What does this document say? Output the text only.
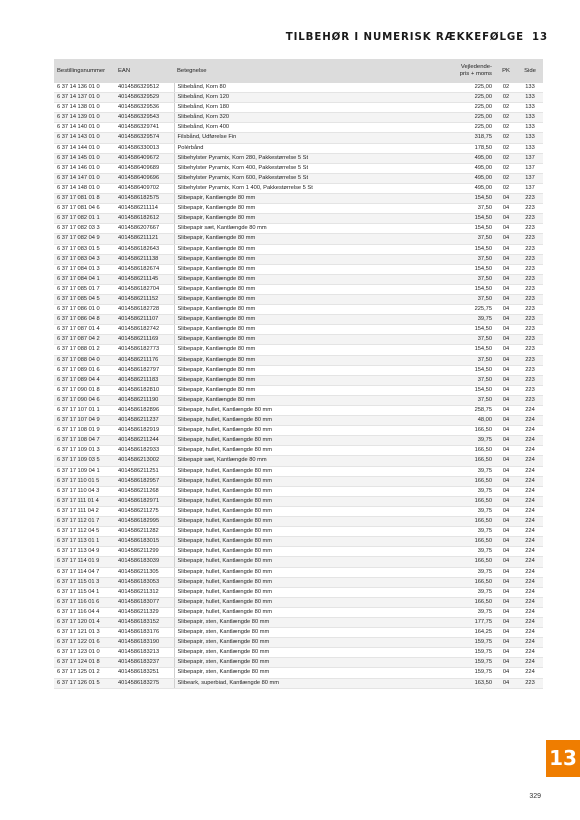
TILBEHØR I NUMERISK RÆKKEFØLGE 13
Bestillingsnummer	EAN	Betegnelse	Vejledende-
pris + moms	PK	Side
6 37 14 136 01 0	4014586329512	Slibebånd, Korn 80	225,00	02	133
6 37 14 137 01 0	4014586329529	Slibebånd, Korn 120	225,00	02	133
6 37 14 138 01 0	4014586329536	Slibebånd, Korn 180	225,00	02	133
6 37 14 139 01 0	4014586329543	Slibebånd, Korn 320	225,00	02	133
6 37 14 140 01 0	4014586329741	Slibebånd, Korn 400	225,00	02	133
6 37 14 143 01 0	4014586329574	Filsbånd, Udførelse Fin	318,75	02	133
6 37 14 144 01 0	4014586330013	Polérbånd	178,50	02	133
6 37 14 145 01 0	4014586409672	Slibehylster Pyramix, Korn 280, Pakkestørrelse 5 St	495,00	02	137
6 37 14 146 01 0	4014586409689	Slibehylster Pyramix, Korn 400, Pakkestørrelse 5 St	495,00	02	137
6 37 14 147 01 0	4014586409696	Slibehylster Pyramix, Korn 600, Pakkestørrelse 5 St	495,00	02	137
6 37 14 148 01 0	4014586409702	Slibehylster Pyramix, Korn 1 400, Pakkestørrelse 5 St	495,00	02	137
6 37 17 081 01 8	4014586182575	Slibepapir, Kantlængde 80 mm	154,50	04	223
6 37 17 081 04 6	4014586211114	Slibepapir, Kantlængde 80 mm	37,50	04	223
6 37 17 082 01 1	4014586182612	Slibepapir, Kantlængde 80 mm	154,50	04	223
6 37 17 082 03 3	4014586207667	Slibepapir sæt, Kantlængde 80 mm	154,50	04	223
6 37 17 082 04 9	4014586211121	Slibepapir, Kantlængde 80 mm	37,50	04	223
6 37 17 083 01 5	4014586182643	Slibepapir, Kantlængde 80 mm	154,50	04	223
6 37 17 083 04 3	4014586211138	Slibepapir, Kantlængde 80 mm	37,50	04	223
6 37 17 084 01 3	4014586182674	Slibepapir, Kantlængde 80 mm	154,50	04	223
6 37 17 084 04 1	4014586211145	Slibepapir, Kantlængde 80 mm	37,50	04	223
6 37 17 085 01 7	4014586182704	Slibepapir, Kantlængde 80 mm	154,50	04	223
6 37 17 085 04 5	4014586211152	Slibepapir, Kantlængde 80 mm	37,50	04	223
6 37 17 086 01 0	4014586182728	Slibepapir, Kantlængde 80 mm	225,75	04	223
6 37 17 086 04 8	4014586211107	Slibepapir, Kantlængde 80 mm	39,75	04	223
6 37 17 087 01 4	4014586182742	Slibepapir, Kantlængde 80 mm	154,50	04	223
6 37 17 087 04 2	4014586211169	Slibepapir, Kantlængde 80 mm	37,50	04	223
6 37 17 088 01 2	4014586182773	Slibepapir, Kantlængde 80 mm	154,50	04	223
6 37 17 088 04 0	4014586211176	Slibepapir, Kantlængde 80 mm	37,50	04	223
6 37 17 089 01 6	4014586182797	Slibepapir, Kantlængde 80 mm	154,50	04	223
6 37 17 089 04 4	4014586211183	Slibepapir, Kantlængde 80 mm	37,50	04	223
6 37 17 090 01 8	4014586182810	Slibepapir, Kantlængde 80 mm	154,50	04	223
6 37 17 090 04 6	4014586211190	Slibepapir, Kantlængde 80 mm	37,50	04	223
6 37 17 107 01 1	4014586182896	Slibepapir, hullet, Kantlængde 80 mm	258,75	04	224
6 37 17 107 04 9	4014586211237	Slibepapir, hullet, Kantlængde 80 mm	48,00	04	224
6 37 17 108 01 9	4014586182919	Slibepapir, hullet, Kantlængde 80 mm	166,50	04	224
6 37 17 108 04 7	4014586211244	Slibepapir, hullet, Kantlængde 80 mm	39,75	04	224
6 37 17 109 01 3	4014586182933	Slibepapir, hullet, Kantlængde 80 mm	166,50	04	224
6 37 17 109 03 5	4014586213002	Slibepapir sæt, Kantlængde 80 mm	166,50	04	224
6 37 17 109 04 1	4014586211251	Slibepapir, hullet, Kantlængde 80 mm	39,75	04	224
6 37 17 110 01 5	4014586182957	Slibepapir, hullet, Kantlængde 80 mm	166,50	04	224
6 37 17 110 04 3	4014586211268	Slibepapir, hullet, Kantlængde 80 mm	39,75	04	224
6 37 17 111 01 4	4014586182971	Slibepapir, hullet, Kantlængde 80 mm	166,50	04	224
6 37 17 111 04 2	4014586211275	Slibepapir, hullet, Kantlængde 80 mm	39,75	04	224
6 37 17 112 01 7	4014586182995	Slibepapir, hullet, Kantlængde 80 mm	166,50	04	224
6 37 17 112 04 5	4014586211282	Slibepapir, hullet, Kantlængde 80 mm	39,75	04	224
6 37 17 113 01 1	4014586183015	Slibepapir, hullet, Kantlængde 80 mm	166,50	04	224
6 37 17 113 04 9	4014586211299	Slibepapir, hullet, Kantlængde 80 mm	39,75	04	224
6 37 17 114 01 9	4014586183039	Slibepapir, hullet, Kantlængde 80 mm	166,50	04	224
6 37 17 114 04 7	4014586211305	Slibepapir, hullet, Kantlængde 80 mm	39,75	04	224
6 37 17 115 01 3	4014586183053	Slibepapir, hullet, Kantlængde 80 mm	166,50	04	224
6 37 17 115 04 1	4014586211312	Slibepapir, hullet, Kantlængde 80 mm	39,75	04	224
6 37 17 116 01 6	4014586183077	Slibepapir, hullet, Kantlængde 80 mm	166,50	04	224
6 37 17 116 04 4	4014586211329	Slibepapir, hullet, Kantlængde 80 mm	39,75	04	224
6 37 17 120 01 4	4014586183152	Slibepapir, sten, Kantlængde 80 mm	177,75	04	224
6 37 17 121 01 3	4014586183176	Slibepapir, sten, Kantlængde 80 mm	164,25	04	224
6 37 17 122 01 6	4014586183190	Slibepapir, sten, Kantlængde 80 mm	159,75	04	224
6 37 17 123 01 0	4014586183213	Slibepapir, sten, Kantlængde 80 mm	159,75	04	224
6 37 17 124 01 8	4014586183237	Slibepapir, sten, Kantlængde 80 mm	159,75	04	224
6 37 17 125 01 2	4014586183251	Slibepapir, sten, Kantlængde 80 mm	159,75	04	224
6 37 17 126 01 5	4014586183275	Slibeark, superbiad, Kantlængde 80 mm	163,50	04	223
13
329
